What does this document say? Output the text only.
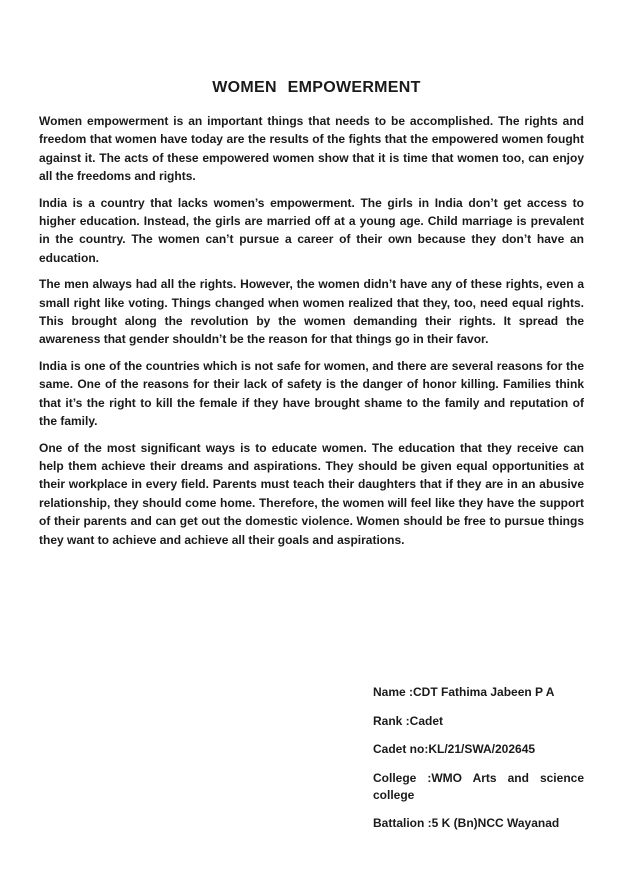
WOMEN EMPOWERMENT

Women empowerment is an important things that needs to be accomplished. The rights and freedom that women have today are the results of the fights that the empowered women fought against it. The acts of these empowered women show that it is time that women too, can enjoy all the freedoms and rights.

India is a country that lacks women’s empowerment. The girls in India don’t get access to higher education. Instead, the girls are married off at a young age. Child marriage is prevalent in the country. The women can’t pursue a career of their own because they don’t have an education.

The men always had all the rights. However, the women didn’t have any of these rights, even a small right like voting. Things changed when women realized that they, too, need equal rights. This brought along the revolution by the women demanding their rights. It spread the awareness that gender shouldn’t be the reason for that things go in their favor.

India is one of the countries which is not safe for women, and there are several reasons for the same. One of the reasons for their lack of safety is the danger of honor killing. Families think that it’s the right to kill the female if they have brought shame to the family and reputation of the family.

One of the most significant ways is to educate women. The education that they receive can help them achieve their dreams and aspirations. They should be given equal opportunities at their workplace in every field. Parents must teach their daughters that if they are in an abusive relationship, they should come home. Therefore, the women will feel like they have the support of their parents and can get out the domestic violence. Women should be free to pursue things they want to achieve and achieve all their goals and aspirations.

Name :CDT Fathima Jabeen P A

Rank :Cadet

Cadet no:KL/21/SWA/202645

College :WMO Arts and science college

Battalion :5 K (Bn)NCC Wayanad
